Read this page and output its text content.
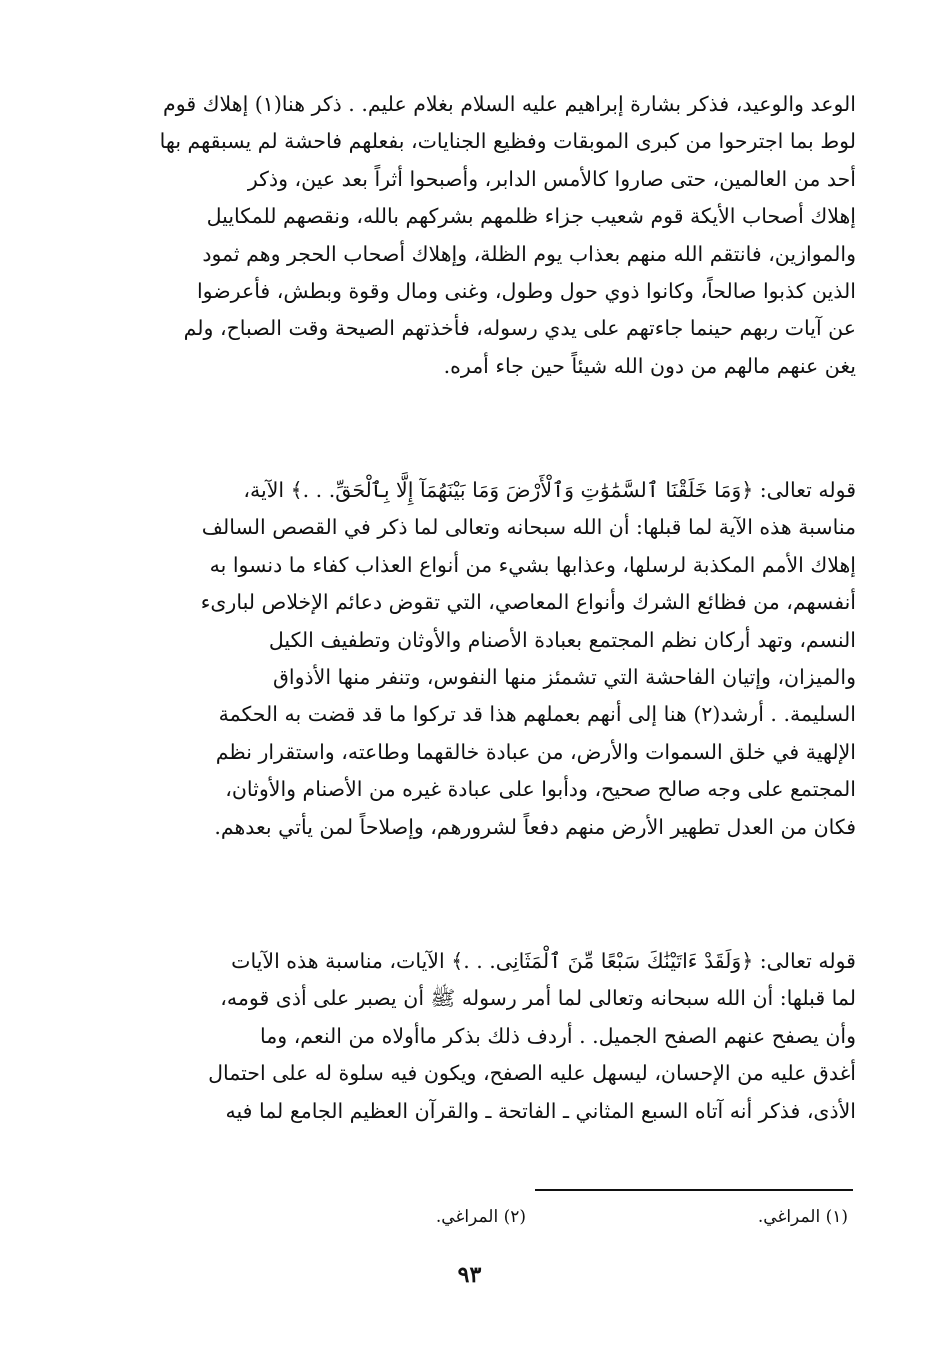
الوعد والوعيد، فذكر بشارة إبراهيم عليه السلام بغلام عليم. . ذكر هنا(١) إهلاك قوم
لوط بما اجترحوا من كبرى الموبقات وفظيع الجنايات، بفعلهم فاحشة لم يسبقهم بها
أحد من العالمين، حتى صاروا كالأمس الدابر، وأصبحوا أثراً بعد عين، وذكر
إهلاك أصحاب الأيكة قوم شعيب جزاء ظلمهم بشركهم بالله، ونقصهم للمكاييل
والموازين، فانتقم الله منهم بعذاب يوم الظلة، وإهلاك أصحاب الحجر وهم ثمود
الذين كذبوا صالحاً، وكانوا ذوي حول وطول، وغنى ومال وقوة وبطش، فأعرضوا
عن آيات ربهم حينما جاءتهم على يدي رسوله، فأخذتهم الصيحة وقت الصباح، ولم
يغن عنهم مالهم من دون الله شيئاً حين جاء أمره.
قوله تعالى: ﴿وَمَا خَلَقْنَا ٱلسَّمَٰوَٰتِ وَٱلْأَرْضَ وَمَا بَيْنَهُمَآ إِلَّا بِٱلْحَقِّ. . .﴾ الآية،
مناسبة هذه الآية لما قبلها: أن الله سبحانه وتعالى لما ذكر في القصص السالف
إهلاك الأمم المكذبة لرسلها، وعذابها بشيء من أنواع العذاب كفاء ما دنسوا به
أنفسهم، من فظائع الشرك وأنواع المعاصي، التي تقوض دعائم الإخلاص لبارىء
النسم، وتهد أركان نظم المجتمع بعبادة الأصنام والأوثان وتطفيف الكيل
والميزان، وإتيان الفاحشة التي تشمئز منها النفوس، وتنفر منها الأذواق
السليمة. . أرشد(٢) هنا إلى أنهم بعملهم هذا قد تركوا ما قد قضت به الحكمة
الإلهية في خلق السموات والأرض، من عبادة خالقهما وطاعته، واستقرار نظم
المجتمع على وجه صالح صحيح، ودأبوا على عبادة غيره من الأصنام والأوثان،
فكان من العدل تطهير الأرض منهم دفعاً لشرورهم، وإصلاحاً لمن يأتي بعدهم.
قوله تعالى: ﴿وَلَقَدْ ءَاتَيْنَٰكَ سَبْعًا مِّنَ ٱلْمَثَانِى. . .﴾ الآيات، مناسبة هذه الآيات
لما قبلها: أن الله سبحانه وتعالى لما أمر رسوله ﷺ أن يصبر على أذى قومه،
وأن يصفح عنهم الصفح الجميل. . أردف ذلك بذكر ماأولاه من النعم، وما
أغدق عليه من الإحسان، ليسهل عليه الصفح، ويكون فيه سلوة له على احتمال
الأذى، فذكر أنه آتاه السبع المثاني ـ الفاتحة ـ والقرآن العظيم الجامع لما فيه
(١) المراغي.
(٢) المراغي.
٩٣
